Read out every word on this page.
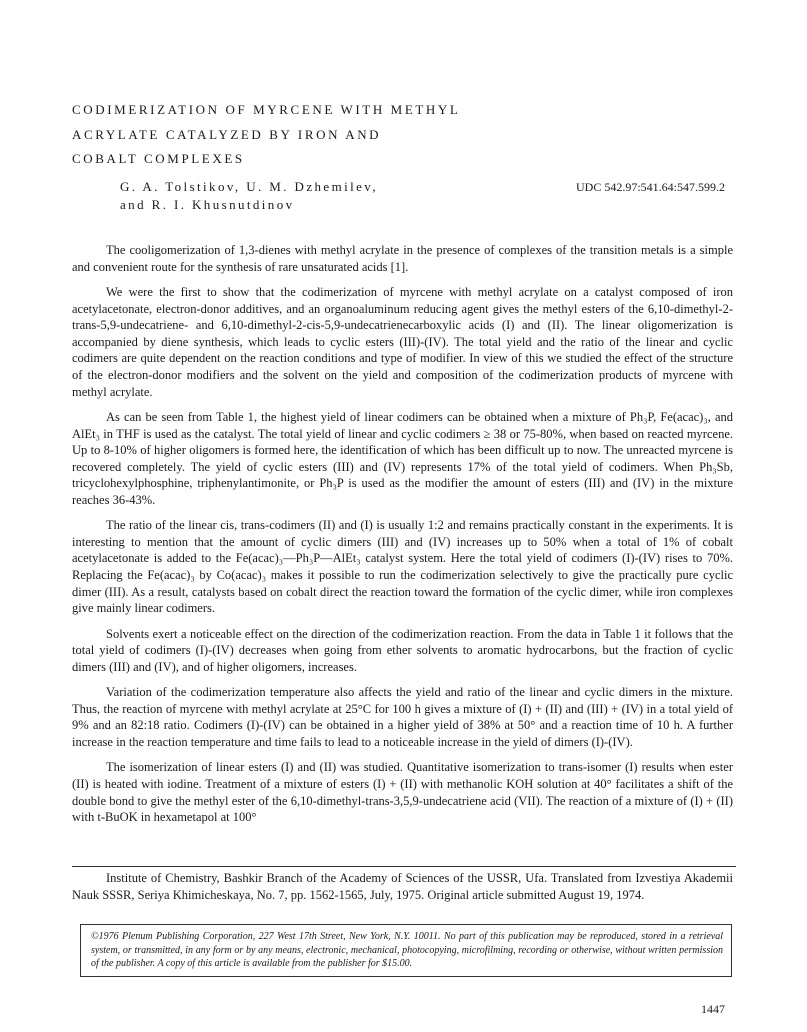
CODIMERIZATION OF MYRCENE WITH METHYL
ACRYLATE CATALYZED BY IRON AND
COBALT COMPLEXES
G. A. Tolstikov, U. M. Dzhemilev,
and R. I. Khusnutdinov
UDC 542.97:541.64:547.599.2

The cooligomerization of 1,3-dienes with methyl acrylate in the presence of complexes of the transition metals is a simple and convenient route for the synthesis of rare unsaturated acids [1].

We were the first to show that the codimerization of myrcene with methyl acrylate on a catalyst composed of iron acetylacetonate, electron-donor additives, and an organoaluminum reducing agent gives the methyl esters of the 6,10-dimethyl-2-trans-5,9-undecatriene- and 6,10-dimethyl-2-cis-5,9-undecatrienecarboxylic acids (I) and (II). The linear oligomerization is accompanied by diene synthesis, which leads to cyclic esters (III)-(IV). The total yield and the ratio of the linear and cyclic codimers are quite dependent on the reaction conditions and type of modifier. In view of this we studied the effect of the structure of the electron-donor modifiers and the solvent on the yield and composition of the codimerization products of myrcene with methyl acrylate.

As can be seen from Table 1, the highest yield of linear codimers can be obtained when a mixture of Ph₃P, Fe(acac)₃, and AlEt₃ in THF is used as the catalyst. The total yield of linear and cyclic codimers ≥ 38 or 75-80%, when based on reacted myrcene. Up to 8-10% of higher oligomers is formed here, the identification of which has been difficult up to now. The unreacted myrcene is recovered completely. The yield of cyclic esters (III) and (IV) represents 17% of the total yield of codimers. When Ph₃Sb, tricyclohexylphosphine, triphenylantimonite, or Ph₃P is used as the modifier the amount of esters (III) and (IV) in the mixture reaches 36-43%.

The ratio of the linear cis, trans-codimers (II) and (I) is usually 1:2 and remains practically constant in the experiments. It is interesting to mention that the amount of cyclic dimers (III) and (IV) increases up to 50% when a total of 1% of cobalt acetylacetonate is added to the Fe(acac)₃—Ph₃P—AlEt₃ catalyst system. Here the total yield of codimers (I)-(IV) rises to 70%. Replacing the Fe(acac)₃ by Co(acac)₃ makes it possible to run the codimerization selectively to give the practically pure cyclic dimer (III). As a result, catalysts based on cobalt direct the reaction toward the formation of the cyclic dimer, while iron complexes give mainly linear codimers.

Solvents exert a noticeable effect on the direction of the codimerization reaction. From the data in Table 1 it follows that the total yield of codimers (I)-(IV) decreases when going from ether solvents to aromatic hydrocarbons, but the fraction of cyclic dimers (III) and (IV), and of higher oligomers, increases.

Variation of the codimerization temperature also affects the yield and ratio of the linear and cyclic dimers in the mixture. Thus, the reaction of myrcene with methyl acrylate at 25°C for 100 h gives a mixture of (I) + (II) and (III) + (IV) in a total yield of 9% and an 82:18 ratio. Codimers (I)-(IV) can be obtained in a higher yield of 38% at 50° and a reaction time of 10 h. A further increase in the reaction temperature and time fails to lead to a noticeable increase in the yield of dimers (I)-(IV).

The isomerization of linear esters (I) and (II) was studied. Quantitative isomerization to trans-isomer (I) results when ester (II) is heated with iodine. Treatment of a mixture of esters (I) + (II) with methanolic KOH solution at 40° facilitates a shift of the double bond to give the methyl ester of the 6,10-dimethyl-trans-3,5,9-undecatriene acid (VII). The reaction of a mixture of (I) + (II) with t-BuOK in hexametapol at 100°

Institute of Chemistry, Bashkir Branch of the Academy of Sciences of the USSR, Ufa. Translated from Izvestiya Akademii Nauk SSSR, Seriya Khimicheskaya, No. 7, pp. 1562-1565, July, 1975. Original article submitted August 19, 1974.

©1976 Plenum Publishing Corporation, 227 West 17th Street, New York, N.Y. 10011. No part of this publication may be reproduced, stored in a retrieval system, or transmitted, in any form or by any means, electronic, mechanical, photocopying, microfilming, recording or otherwise, without written permission of the publisher. A copy of this article is available from the publisher for $15.00.
1447
